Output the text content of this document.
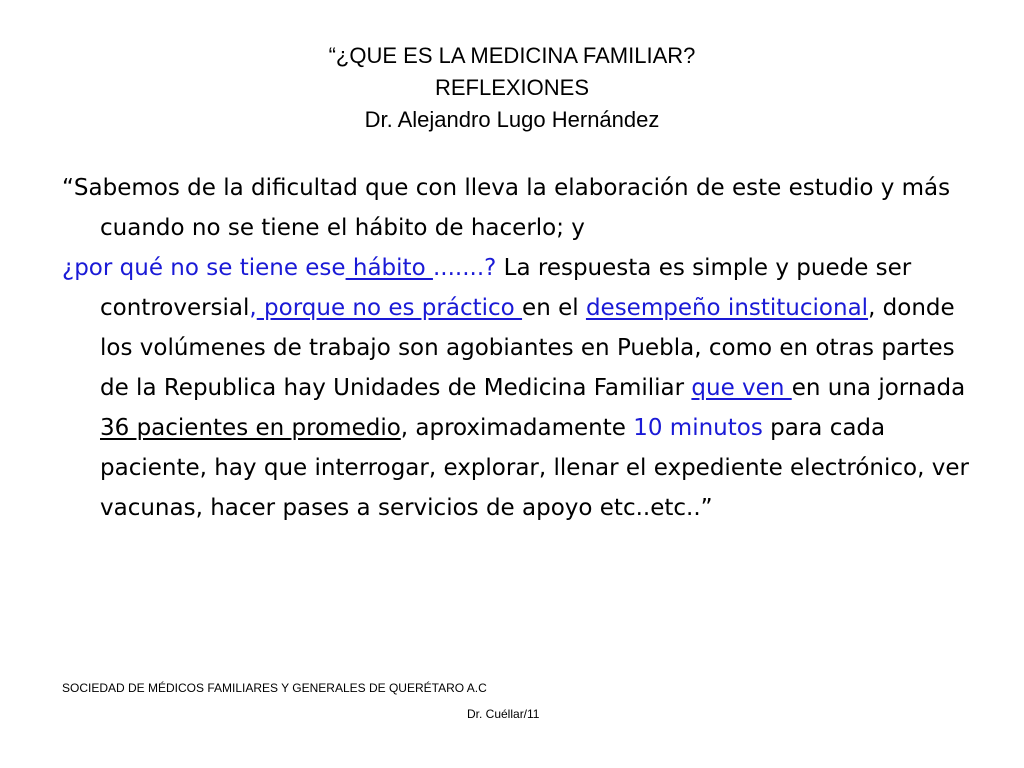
“¿QUE ES LA MEDICINA FAMILIAR?
REFLEXIONES
Dr. Alejandro Lugo Hernández

“Sabemos de la dificultad que con lleva la elaboración de este estudio y más cuando no se tiene el hábito de hacerlo; y

¿por qué no se tiene ese hábito .......? La respuesta es simple y puede ser controversial, porque no es práctico en el desempeño institucional, donde los volúmenes de trabajo son agobiantes en Puebla, como en otras partes de la Republica hay Unidades de Medicina Familiar que ven en una jornada 36 pacientes en promedio, aproximadamente 10 minutos para cada paciente, hay que interrogar, explorar, llenar el expediente electrónico, ver vacunas, hacer pases a servicios de apoyo etc..etc..”

SOCIEDAD DE MÉDICOS FAMILIARES Y GENERALES DE QUERÉTARO A.C
Dr. Cuéllar/11
